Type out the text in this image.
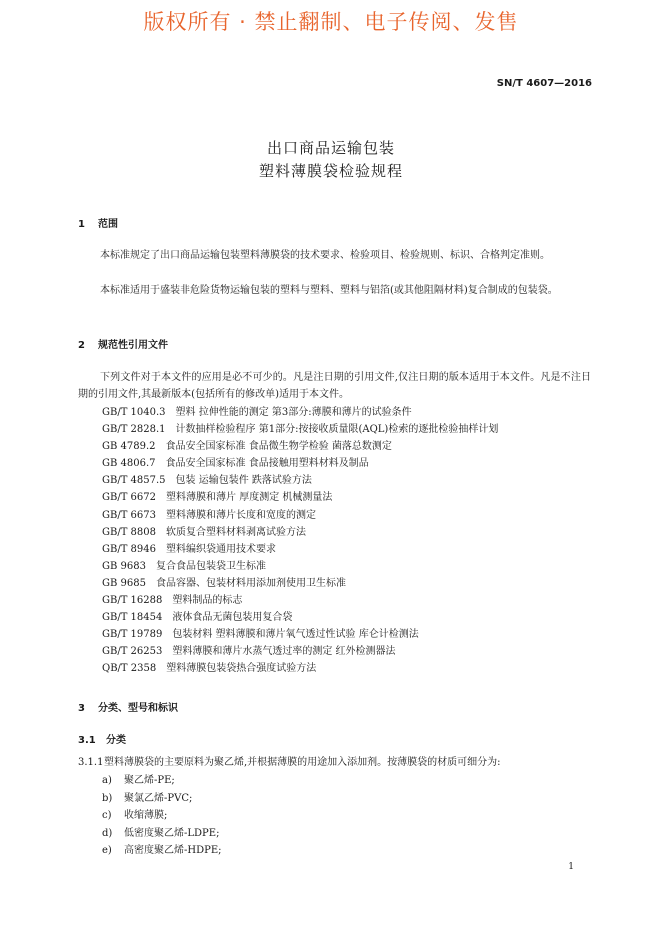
版权所有 · 禁止翻制、电子传阅、发售
SN/T 4607—2016
出口商品运输包装
塑料薄膜袋检验规程
1 范围
本标准规定了出口商品运输包装塑料薄膜袋的技术要求、检验项目、检验规则、标识、合格判定准则。
本标准适用于盛装非危险货物运输包装的塑料与塑料、塑料与铝箔(或其他阻隔材料)复合制成的包装袋。
2 规范性引用文件
下列文件对于本文件的应用是必不可少的。凡是注日期的引用文件,仅注日期的版本适用于本文件。凡是不注日期的引用文件,其最新版本(包括所有的修改单)适用于本文件。
GB/T 1040.3 塑料 拉伸性能的测定 第3部分:薄膜和薄片的试验条件
GB/T 2828.1 计数抽样检验程序 第1部分:按接收质量限(AQL)检索的逐批检验抽样计划
GB 4789.2 食品安全国家标准 食品微生物学检验 菌落总数测定
GB 4806.7 食品安全国家标准 食品接触用塑料材料及制品
GB/T 4857.5 包装 运输包装件 跌落试验方法
GB/T 6672 塑料薄膜和薄片 厚度测定 机械测量法
GB/T 6673 塑料薄膜和薄片长度和宽度的测定
GB/T 8808 软质复合塑料材料剥离试验方法
GB/T 8946 塑料编织袋通用技术要求
GB 9683 复合食品包装袋卫生标准
GB 9685 食品容器、包装材料用添加剂使用卫生标准
GB/T 16288 塑料制品的标志
GB/T 18454 液体食品无菌包装用复合袋
GB/T 19789 包装材料 塑料薄膜和薄片氧气透过性试验 库仑计检测法
GB/T 26253 塑料薄膜和薄片水蒸气透过率的测定 红外检测器法
QB/T 2358 塑料薄膜包装袋热合强度试验方法
3 分类、型号和标识
3.1 分类
3.1.1塑料薄膜袋的主要原料为聚乙烯,并根据薄膜的用途加入添加剂。按薄膜袋的材质可细分为:
a) 聚乙烯-PE;
b) 聚氯乙烯-PVC;
c) 收缩薄膜;
d) 低密度聚乙烯-LDPE;
e) 高密度聚乙烯-HDPE;
1
